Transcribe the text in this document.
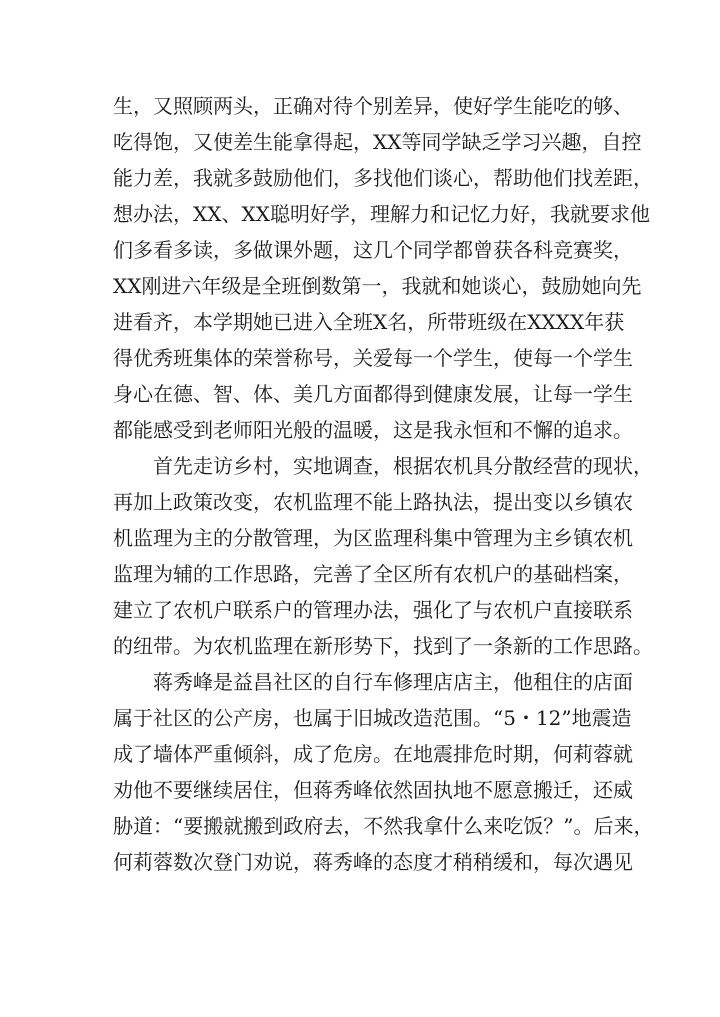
生，又照顾两头，正确对待个别差异，使好学生能吃的够、
吃得饱，又使差生能拿得起，XX等同学缺乏学习兴趣，自控
能力差，我就多鼓励他们，多找他们谈心，帮助他们找差距，
想办法，XX、XX聪明好学，理解力和记忆力好，我就要求他
们多看多读，多做课外题，这几个同学都曾获各科竞赛奖，
XX刚进六年级是全班倒数第一，我就和她谈心，鼓励她向先
进看齐，本学期她已进入全班X名，所带班级在XXXX年获
得优秀班集体的荣誉称号，关爱每一个学生，使每一个学生
身心在德、智、体、美几方面都得到健康发展，让每一学生
都能感受到老师阳光般的温暖，这是我永恒和不懈的追求。
首先走访乡村，实地调查，根据农机具分散经营的现状，
再加上政策改变，农机监理不能上路执法，提出变以乡镇农
机监理为主的分散管理，为区监理科集中管理为主乡镇农机
监理为辅的工作思路，完善了全区所有农机户的基础档案，
建立了农机户联系户的管理办法，强化了与农机户直接联系
的纽带。为农机监理在新形势下，找到了一条新的工作思路。
蒋秀峰是益昌社区的自行车修理店店主，他租住的店面
属于社区的公产房，也属于旧城改造范围。“5・12”地震造
成了墙体严重倾斜，成了危房。在地震排危时期，何莉蓉就
劝他不要继续居住，但蒋秀峰依然固执地不愿意搬迁，还威
胁道：“要搬就搬到政府去，不然我拿什么来吃饭？”。后来，
何莉蓉数次登门劝说，蒋秀峰的态度才稍稍缓和，每次遇见
